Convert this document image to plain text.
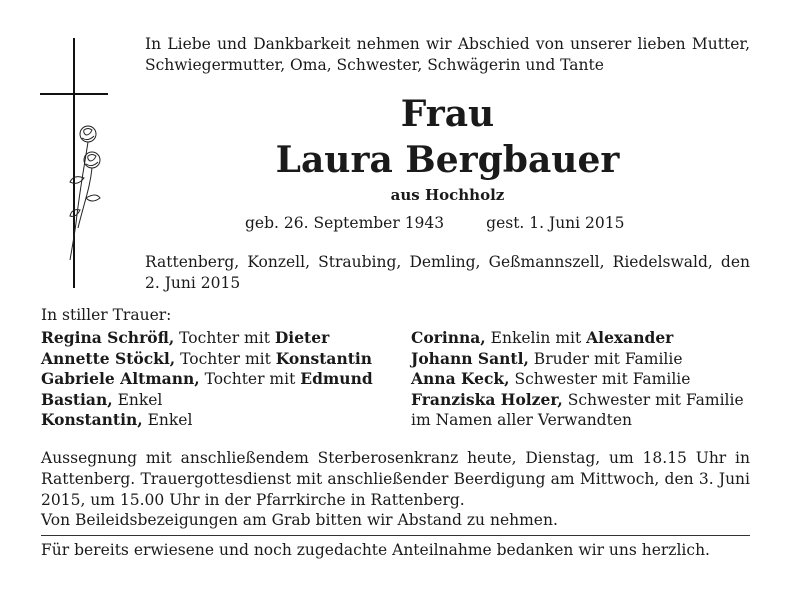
In Liebe und Dankbarkeit nehmen wir Abschied von unserer lieben Mutter, Schwiegermutter, Oma, Schwester, Schwägerin und Tante
Frau
Laura Bergbauer
aus Hochholz
geb. 26. September 1943	gest. 1. Juni 2015
Rattenberg, Konzell, Straubing, Demling, Geßmannszell, Riedelswald, den 2. Juni 2015
In stiller Trauer:
Regina Schröfl, Tochter mit Dieter
Annette Stöckl, Tochter mit Konstantin
Gabriele Altmann, Tochter mit Edmund
Bastian, Enkel
Konstantin, Enkel
Corinna, Enkelin mit Alexander
Johann Santl, Bruder mit Familie
Anna Keck, Schwester mit Familie
Franziska Holzer, Schwester mit Familie
im Namen aller Verwandten
Aussegnung mit anschließendem Sterberosenkranz heute, Dienstag, um 18.15 Uhr in Rattenberg. Trauergottesdienst mit anschließender Beerdigung am Mittwoch, den 3. Juni 2015, um 15.00 Uhr in der Pfarrkirche in Rattenberg.
Von Beileidsbezeigungen am Grab bitten wir Abstand zu nehmen.
Für bereits erwiesene und noch zugedachte Anteilnahme bedanken wir uns herzlich.
